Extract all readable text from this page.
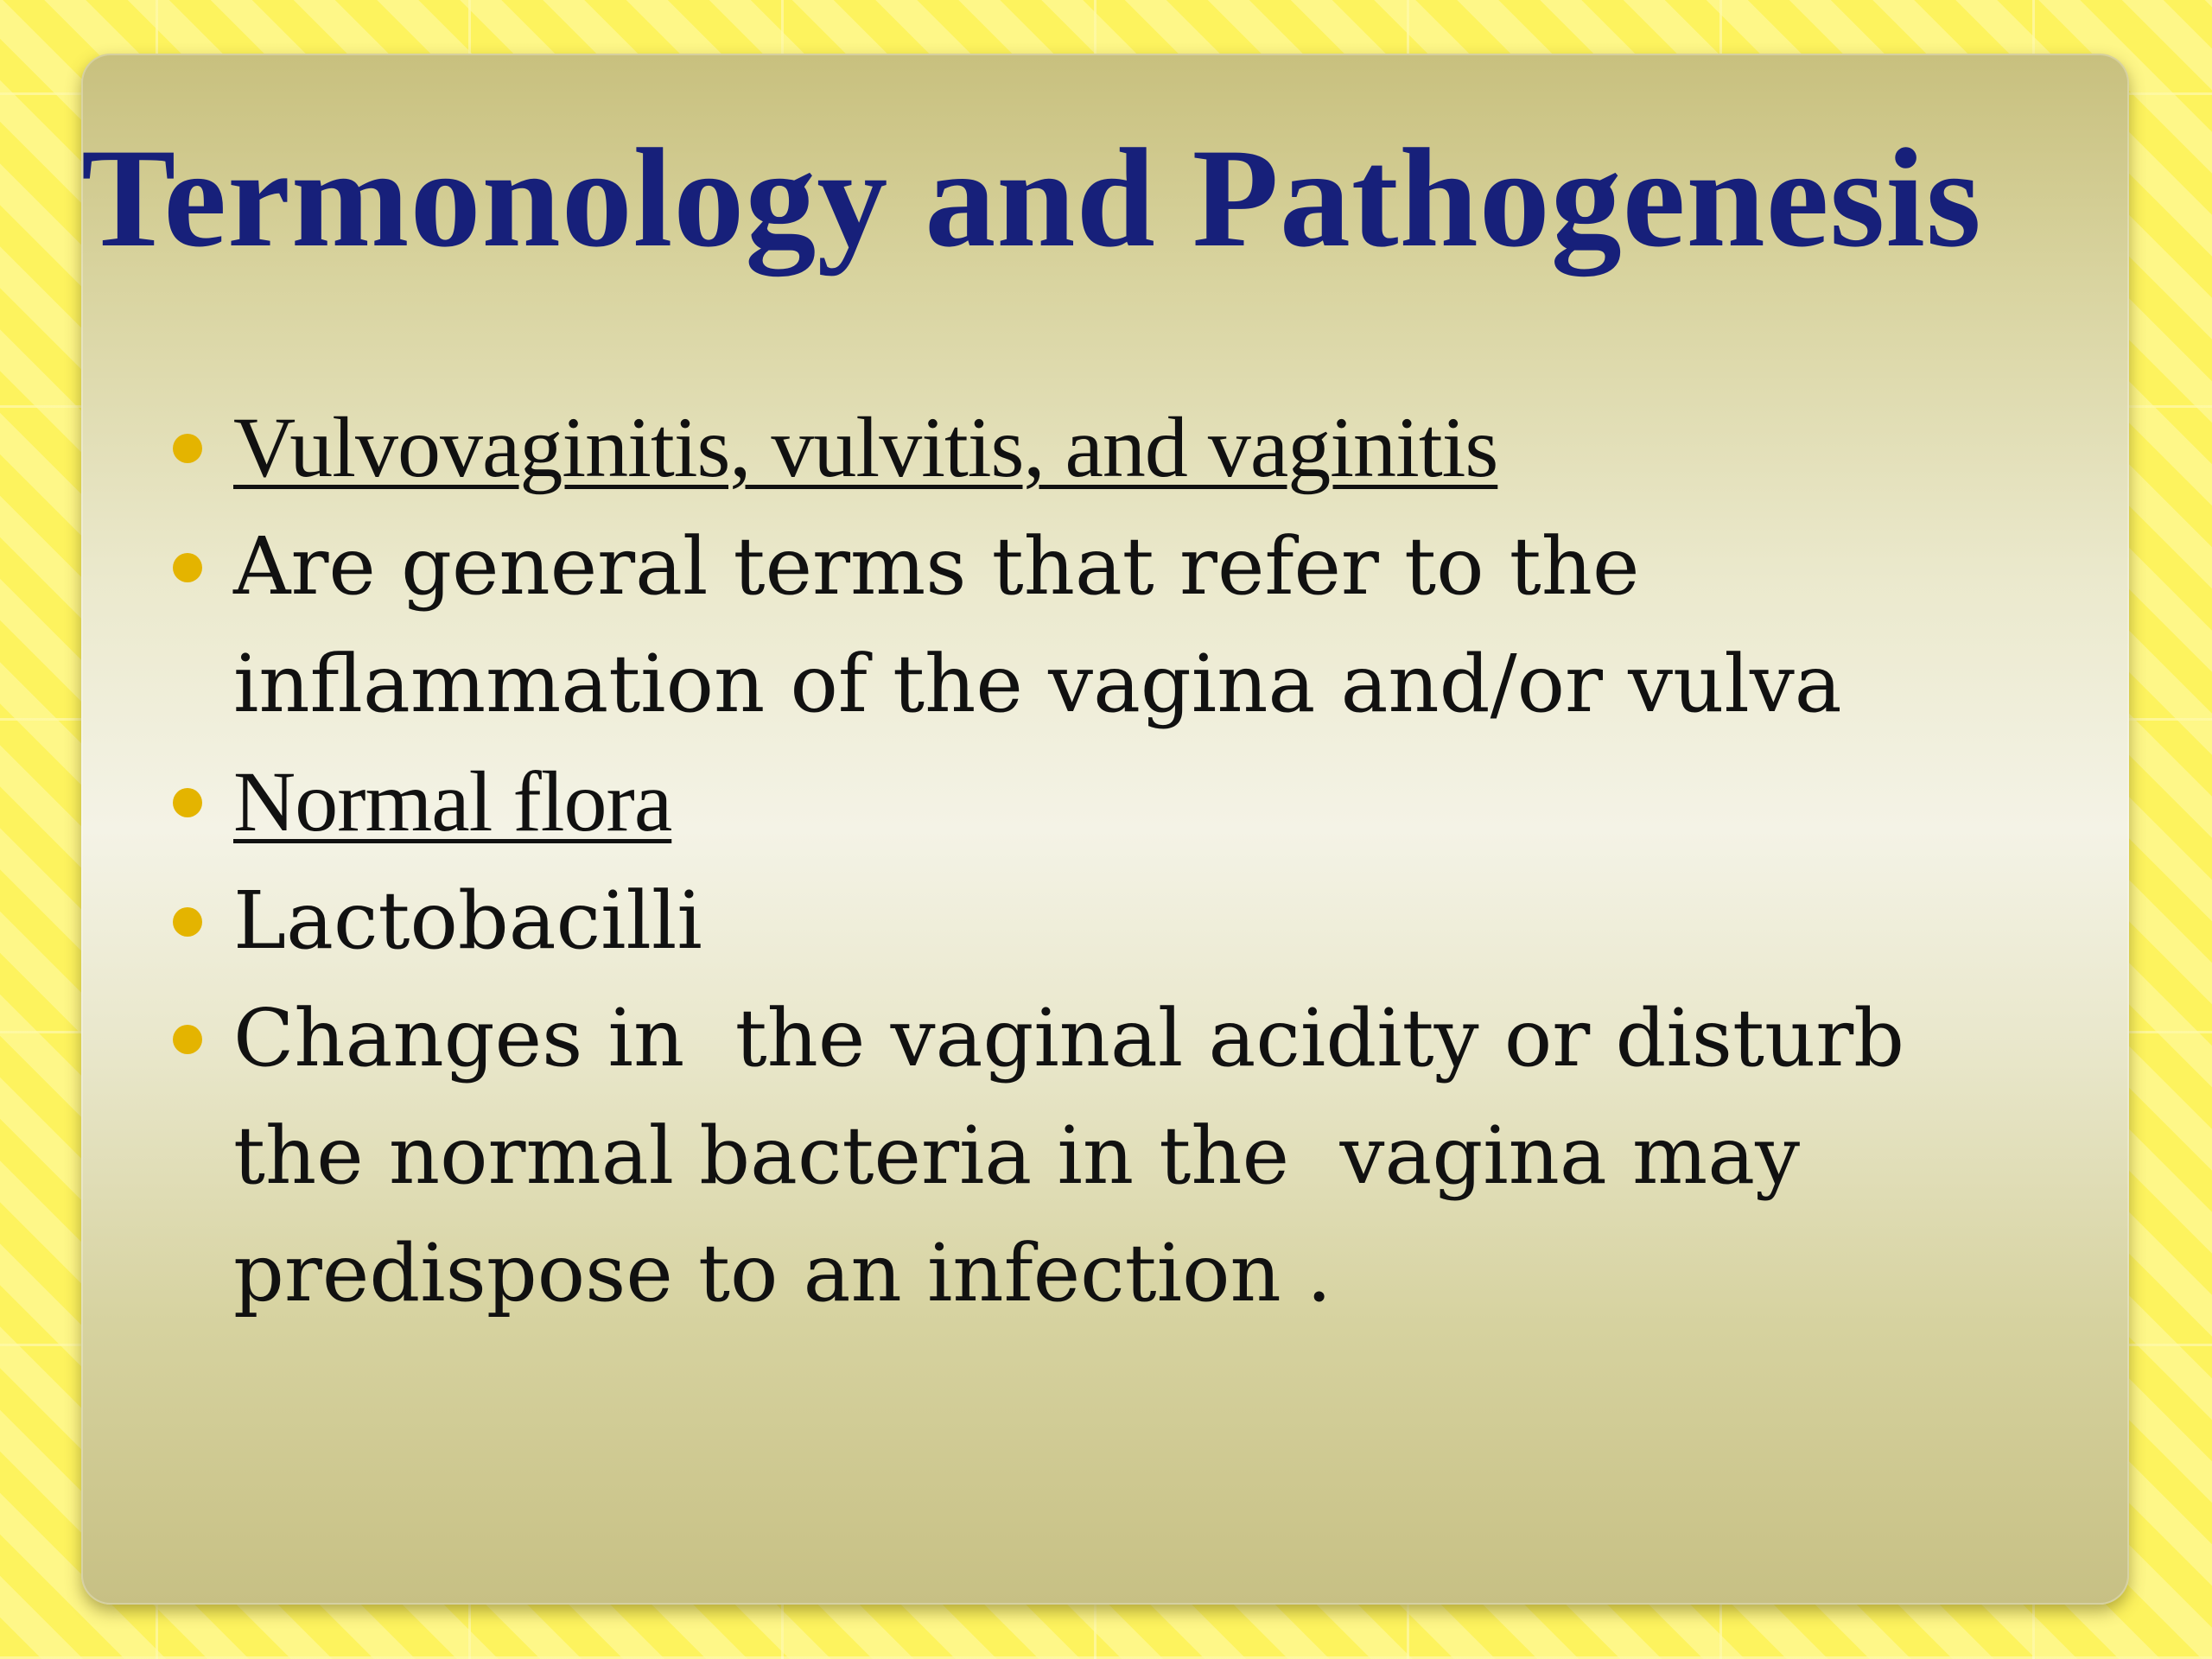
Termonology and Pathogenesis
Vulvovaginitis, vulvitis, and vaginitis
Are general terms that refer to the inflammation of the vagina and/or vulva
Normal flora
Lactobacilli
Changes in  the vaginal acidity or disturb the normal bacteria in the  vagina may predispose to an infection .
